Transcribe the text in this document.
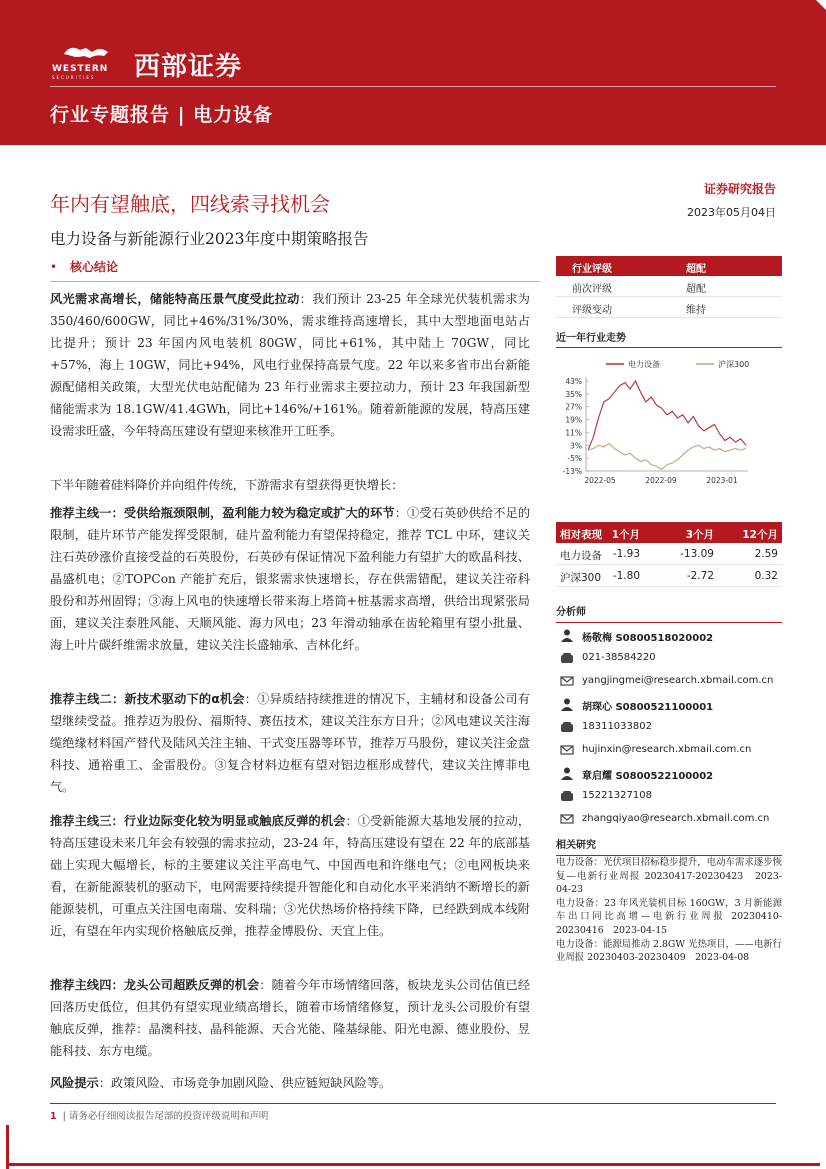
WESTERN
SECURITIES 西部证券
行业专题报告 | 电力设备
年内有望触底，四线索寻找机会
电力设备与新能源行业2023年度中期策略报告
证券研究报告
2023年05月04日
• 核心结论
风光需求高增长，储能特高压景气度受此拉动：我们预计 23-25 年全球光伏装机需求为 350/460/600GW，同比+46%/31%/30%，需求维持高速增长，其中大型地面电站占比提升；预计 23 年国内风电装机 80GW，同比+61%，其中陆上 70GW，同比+57%，海上 10GW，同比+94%，风电行业保持高景气度。22 年以来多省市出台新能源配储相关政策，大型光伏电站配储为 23 年行业需求主要拉动力，预计 23 年我国新型储能需求为 18.1GW/41.4GWh，同比+146%/+161%。随着新能源的发展，特高压建设需求旺盛，今年特高压建设有望迎来核准开工旺季。
下半年随着硅料降价并向组件传统，下游需求有望获得更快增长：
推荐主线一：受供给瓶颈限制，盈利能力较为稳定或扩大的环节：①受石英砂供给不足的限制，硅片环节产能发挥受限制，硅片盈利能力有望保持稳定，推荐 TCL 中环，建议关注石英砂涨价直接受益的石英股份，石英砂有保证情况下盈利能力有望扩大的欧晶科技、晶盛机电；②TOPCon 产能扩充后，银浆需求快速增长，存在供需错配，建议关注帝科股份和苏州固锝；③海上风电的快速增长带来海上塔筒+桩基需求高增，供给出现紧张局面，建议关注泰胜风能、天顺风能、海力风电；23 年滑动轴承在齿轮箱里有望小批量、海上叶片碳纤维需求放量，建议关注长盛轴承、吉林化纤。
推荐主线二：新技术驱动下的α机会：①异质结持续推进的情况下，主辅材和设备公司有望继续受益。推荐迈为股份、福斯特、赛伍技术，建议关注东方日升；②风电建议关注海缆绝缘材料国产替代及陆风关注主轴、干式变压器等环节，推荐万马股份，建议关注金盘科技、通裕重工、金雷股份。③复合材料边框有望对铝边框形成替代，建议关注博菲电气。
推荐主线三：行业边际变化较为明显或触底反弹的机会：①受新能源大基地发展的拉动，特高压建设未来几年会有较强的需求拉动，23-24 年，特高压建设有望在 22 年的底部基础上实现大幅增长，标的主要建议关注平高电气、中国西电和许继电气；②电网板块来看，在新能源装机的驱动下，电网需要持续提升智能化和自动化水平来消纳不断增长的新能源装机，可重点关注国电南瑞、安科瑞；③光伏热场价格持续下降，已经跌到成本线附近，有望在年内实现价格触底反弹，推荐金博股份、天宜上佳。
推荐主线四：龙头公司超跌反弹的机会：随着今年市场情绪回落，板块龙头公司估值已经回落历史低位，但其仍有望实现业绩高增长，随着市场情绪修复，预计龙头公司股价有望触底反弹，推荐：晶澳科技、晶科能源、天合光能、隆基绿能、阳光电源、德业股份、昱能科技、东方电缆。
风险提示：政策风险、市场竞争加剧风险、供应链短缺风险等。
行业评级	超配
前次评级	超配
评级变动	维持
近一年行业走势
电力设备	沪深300
43%
35%
27%
19%
11%
3%
-5%
-13%
2022-05	2022-09	2023-01
相对表现 1个月	3个月	12个月
电力设备 -1.93	-13.09	2.59
沪深300 -1.80	-2.72	0.32
分析师
杨敬梅 S0800518020002
021-38584220
yangjingmei@research.xbmail.com.cn
胡琛心 S0800521100001
18311033802
hujinxin@research.xbmail.com.cn
章启耀 S0800522100002
15221327108
zhangqiyao@research.xbmail.com.cn
相关研究
电力设备：光伏项目招标稳步提升，电动车需求逐步恢复—电新行业周报 20230417-20230423　2023-04-23
电力设备：23 年风光装机目标 160GW，3 月新能源车出口同比高增—电新行业周报 20230410-20230416　2023-04-15
电力设备：能源局推动 2.8GW 光热项目，——电新行业周报 20230403-20230409　2023-04-08
1 | 请务必仔细阅读报告尾部的投资评级说明和声明
